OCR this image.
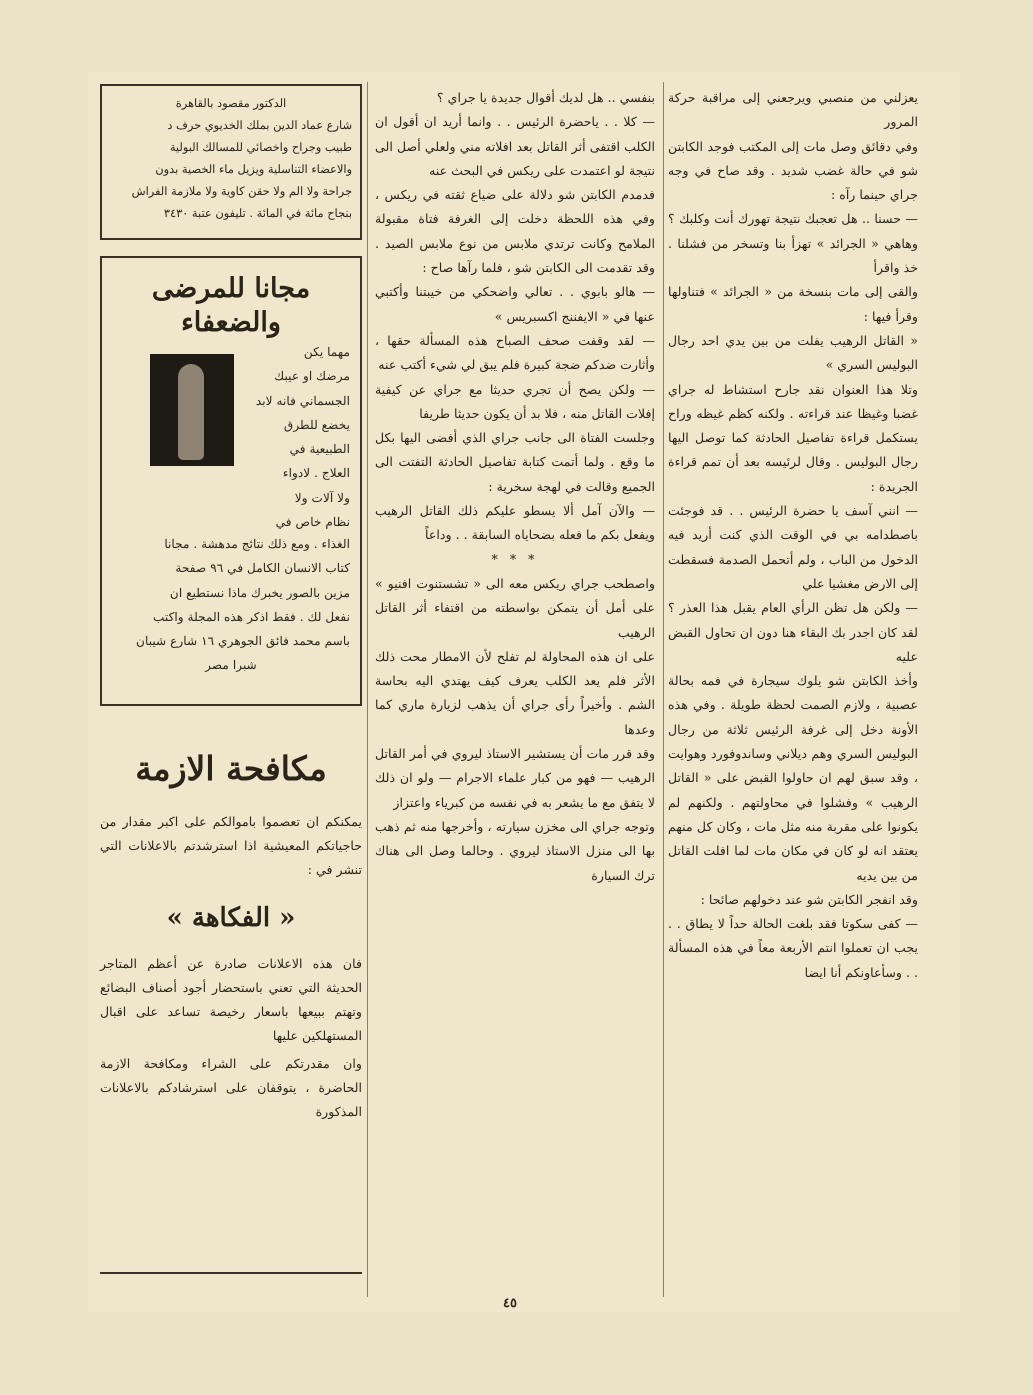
يعزلني من منصبي ويرجعني إلى مراقبة حركة المرور

وفي دقائق وصل مات إلى المكتب فوجد الكابتن شو في حالة غضب شديد . وقد صاح في وجه جراي حينما رآه :

— حسنا .. هل تعجبك نتيجة تهورك أنت وكلبك ؟ وهاهي « الجرائد » تهزأ بنا وتسخر من فشلنا . خذ واقرأ

والقى إلى مات بنسخة من « الجرائد » فتناولها وقرأ فيها :

« القاتل الرهيب يفلت من بين يدي احد رجال البوليس السري »

وتلا هذا العنوان نقد جارح استشاط له جراي غضبا وغيظا عند قراءته . ولكنه كظم غيظه وراح يستكمل قراءة تفاصيل الحادثة كما توصل اليها رجال البوليس . وقال لرئيسه بعد أن تمم قراءة الجريدة :

— انني آسف يا حضرة الرئيس . . قد فوجئت باصطدامه بي في الوقت الذي كنت أريد فيه الدخول من الباب ، ولم أتحمل الصدمة فسقطت إلى الارض مغشيا علي

— ولكن هل تظن الرأي العام يقبل هذا العذر ؟ لقد كان اجدر بك البقاء هنا دون ان تحاول القبض عليه

وأخذ الكابتن شو يلوك سيجارة في فمه بحالة عصبية ، ولازم الصمت لحظة طويلة . وفي هذه الأونة دخل إلى غرفة الرئيس ثلاثة من رجال البوليس السري وهم ديلاني وساندوفورد وهوايت ، وقد سبق لهم ان حاولوا القبض على « القاتل الرهيب » وفشلوا في محاولتهم . ولكنهم لم يكونوا على مقربة منه مثل مات ، وكان كل منهم يعتقد انه لو كان في مكان مات لما افلت القاتل من بين يديه

وقد انفجر الكابتن شو عند دخولهم صائحا :

— كفى سكوتا فقد بلغت الحالة حداً لا يطاق . . يجب ان تعملوا انتم الأربعة معاً في هذه المسألة . . وسأعاونكم أنا ايضا

بنفسي .. هل لديك أقوال جديدة يا جراي ؟

— كلا . . ياحضرة الرئيس . . وانما أريد ان أقول ان الكلب اقتفى أثر القاتل بعد افلاته مني ولعلي أصل الى نتيجة لو اعتمدت على ريكس في البحث عنه

فدمدم الكابتن شو دلالة على ضياع ثقته في ريكس ، وفي هذه اللحظة دخلت إلى الغرفة فتاة مقبولة الملامح وكانت ترتدي ملابس من نوع ملابس الصيد . وقد تقدمت الى الكابتن شو ، فلما رآها صاح :

— هالو بابوي . . تعالي واضحكي من خيبتنا وأكتبي عنها في « الايفننج اكسبريس »

— لقد وقفت صحف الصباح هذه المسألة حقها ، وأثارت ضدكم ضجة كبيرة فلم يبق لي شيء أكتب عنه

— ولكن يصح أن تجري حديثا مع جراي عن كيفية إفلات القاتل منه ، فلا بد أن يكون حديثا طريفا

وجلست الفتاة الى جانب جراي الذي أفضى اليها بكل ما وقع . ولما أتمت كتابة تفاصيل الحادثة التفتت الى الجميع وقالت في لهجة سخرية :

— والآن آمل ألا يسطو عليكم ذلك القاتل الرهيب ويفعل بكم ما فعله بضحاياه السابقة . . وداعاً

* * *

واصطحب جراي ريكس معه الى « تشستنوت افنيو » على أمل أن يتمكن بواسطته من اقتفاء أثر القاتل الرهيب

على ان هذه المحاولة لم تفلح لأن الامطار محت ذلك الأثر فلم يعد الكلب يعرف كيف يهتدي اليه بحاسة الشم . وأخيراً رأى جراي أن يذهب لزيارة ماري كما وعدها

وقد قرر مات أن يستشير الاستاذ ليروي في أمر القاتل الرهيب — فهو من كبار علماء الاجرام — ولو ان ذلك لا يتفق مع ما يشعر به في نفسه من كبرياء واعتزاز

وتوجه جراي الى مخزن سيارته ، وأخرجها منه ثم ذهب بها الى منزل الاستاذ ليروي . وحالما وصل الى هناك ترك السيارة

الدكتور مقصود بالقاهرة

شارع عماد الدين بملك الخديوي حرف د

طبيب وجراح واخصائي للمسالك البولية

والاعضاء التناسلية ويزيل ماء الخصية بدون

جراحة ولا الم ولا حقن كاوية ولا ملازمة الفراش

بنجاح مائة في المائة . تليفون عتبة ٣٤٣٠

مجانا للمرضى والضعفاء

مهما يكن

مرضك او عيبك

الجسماني فانه لابد

يخضع للطرق

الطبيعية في

العلاج . لادواء

ولا آلات ولا

نظام خاص في

الغذاء . ومع ذلك نتائج مدهشة . مجانا

كتاب الانسان الكامل في ٩٦ صفحة

مزين بالصور يخبرك ماذا نستطيع ان

نفعل لك . فقط اذكر هذه المجلة واكتب

باسم محمد فائق الجوهري ١٦ شارع شيبان

شبرا مصر

مكافحة الازمة
يمكنكم ان تعصموا باموالكم على اكبر مقدار من حاجياتكم المعيشية اذا استرشدتم بالاعلانات التي تنشر في :
« الفكاهة »
فان هذه الاعلانات صادرة عن أعظم المتاجر الحديثة التي تعني باستحضار أجود أصناف البضائع وتهتم ببيعها باسعار رخيصة تساعد على اقبال المستهلكين عليها
وان مقدرتكم على الشراء ومكافحة الازمة الحاضرة ، يتوقفان على استرشادكم بالاعلانات المذكورة
٤٥
